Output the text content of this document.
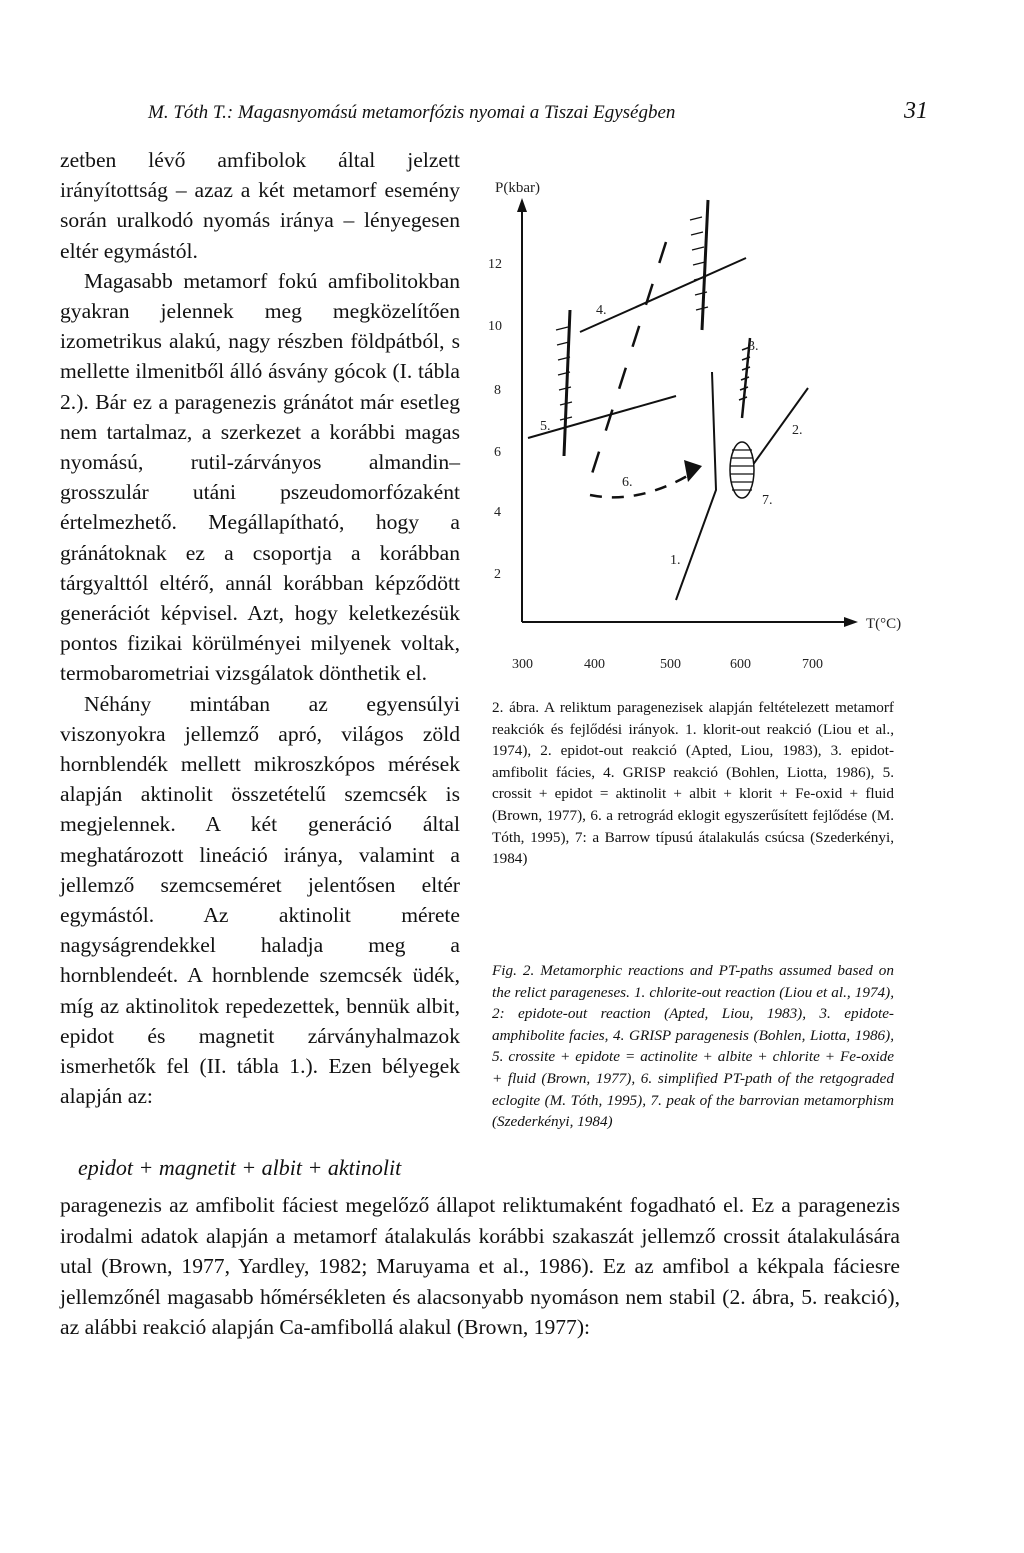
M. Tóth T.: Magasnyomású metamorfózis nyomai a Tiszai Egységben	31

zetben lévő amfibolok által jelzett irányítottság – azaz a két metamorf esemény során uralkodó nyomás iránya – lényegesen eltér egymástól.

Magasabb metamorf fokú amfibolitokban gyakran jelennek meg megközelítően izometrikus alakú, nagy részben földpátból, s mellette ilmenitből álló ásvány gócok (I. tábla 2.). Bár ez a paragenezis gránátot már esetleg nem tartalmaz, a szerkezet a korábbi magas nyomású, rutil-zárványos almandin–grosszulár utáni pszeudomorfózaként értelmezhető. Megállapítható, hogy a gránátoknak ez a csoportja a korábban tárgyalttól eltérő, annál korábban képződött generációt képvisel. Azt, hogy keletkezésük pontos fizikai körülményei milyenek voltak, termobarometriai vizsgálatok dönthetik el.

Néhány mintában az egyensúlyi viszonyokra jellemző apró, világos zöld hornblendék mellett mikroszkópos mérések alapján aktinolit összetételű szemcsék is megjelennek. A két generáció által meghatározott lineáció iránya, valamint a jellemző szemcseméret jelentősen eltér egymástól. Az aktinolit mérete nagyságrendekkel haladja meg a hornblendeét. A hornblende szemcsék üdék, míg az aktinolitok repedezettek, bennük albit, epidot és magnetit zárványhalmazok ismerhetők fel (II. tábla 1.). Ezen bélyegek alapján az:

epidot + magnetit + albit + aktinolit
P(kbar)
T(°C)
12
10
8
6
4
2
300	400	500	600	700
1.
2.
3.
4.
5.
6.
7.
2. ábra. A reliktum paragenezisek alapján feltételezett metamorf reakciók és fejlődési irányok. 1. klorit-out reakció (Liou et al., 1974), 2. epidot-out reakció (Apted, Liou, 1983), 3. epidot- amfibolit fácies, 4. GRISP reakció (Bohlen, Liotta, 1986), 5. crossit + epidot = aktinolit + albit + klorit + Fe-oxid + fluid (Brown, 1977), 6. a retrográd eklogit egyszerűsített fejlődése (M. Tóth, 1995), 7: a Barrow típusú átalakulás csúcsa (Szederkényi, 1984)
Fig. 2. Metamorphic reactions and PT-paths assumed based on the relict parageneses. 1. chlorite-out reaction (Liou et al., 1974), 2: epidote-out reaction (Apted, Liou, 1983), 3. epidote- amphibolite facies, 4. GRISP paragenesis (Bohlen, Liotta, 1986), 5. crossite + epidote = actinolite + albite + chlorite + Fe-oxide + fluid (Brown, 1977), 6. simplified PT-path of the retgograded eclogite (M. Tóth, 1995), 7. peak of the barrovian metamorphism (Szederkényi, 1984)

paragenezis az amfibolit fáciest megelőző állapot reliktumaként fogadható el. Ez a paragenezis irodalmi adatok alapján a metamorf átalakulás korábbi szakaszát jellemző crossit átalakulására utal (Brown, 1977, Yardley, 1982; Maruyama et al., 1986). Ez az amfibol a kékpala fáciesre jellemzőnél magasabb hőmérsékleten és alacsonyabb nyomáson nem stabil (2. ábra, 5. reakció), az alábbi reakció alapján Ca-amfibollá alakul (Brown, 1977):
